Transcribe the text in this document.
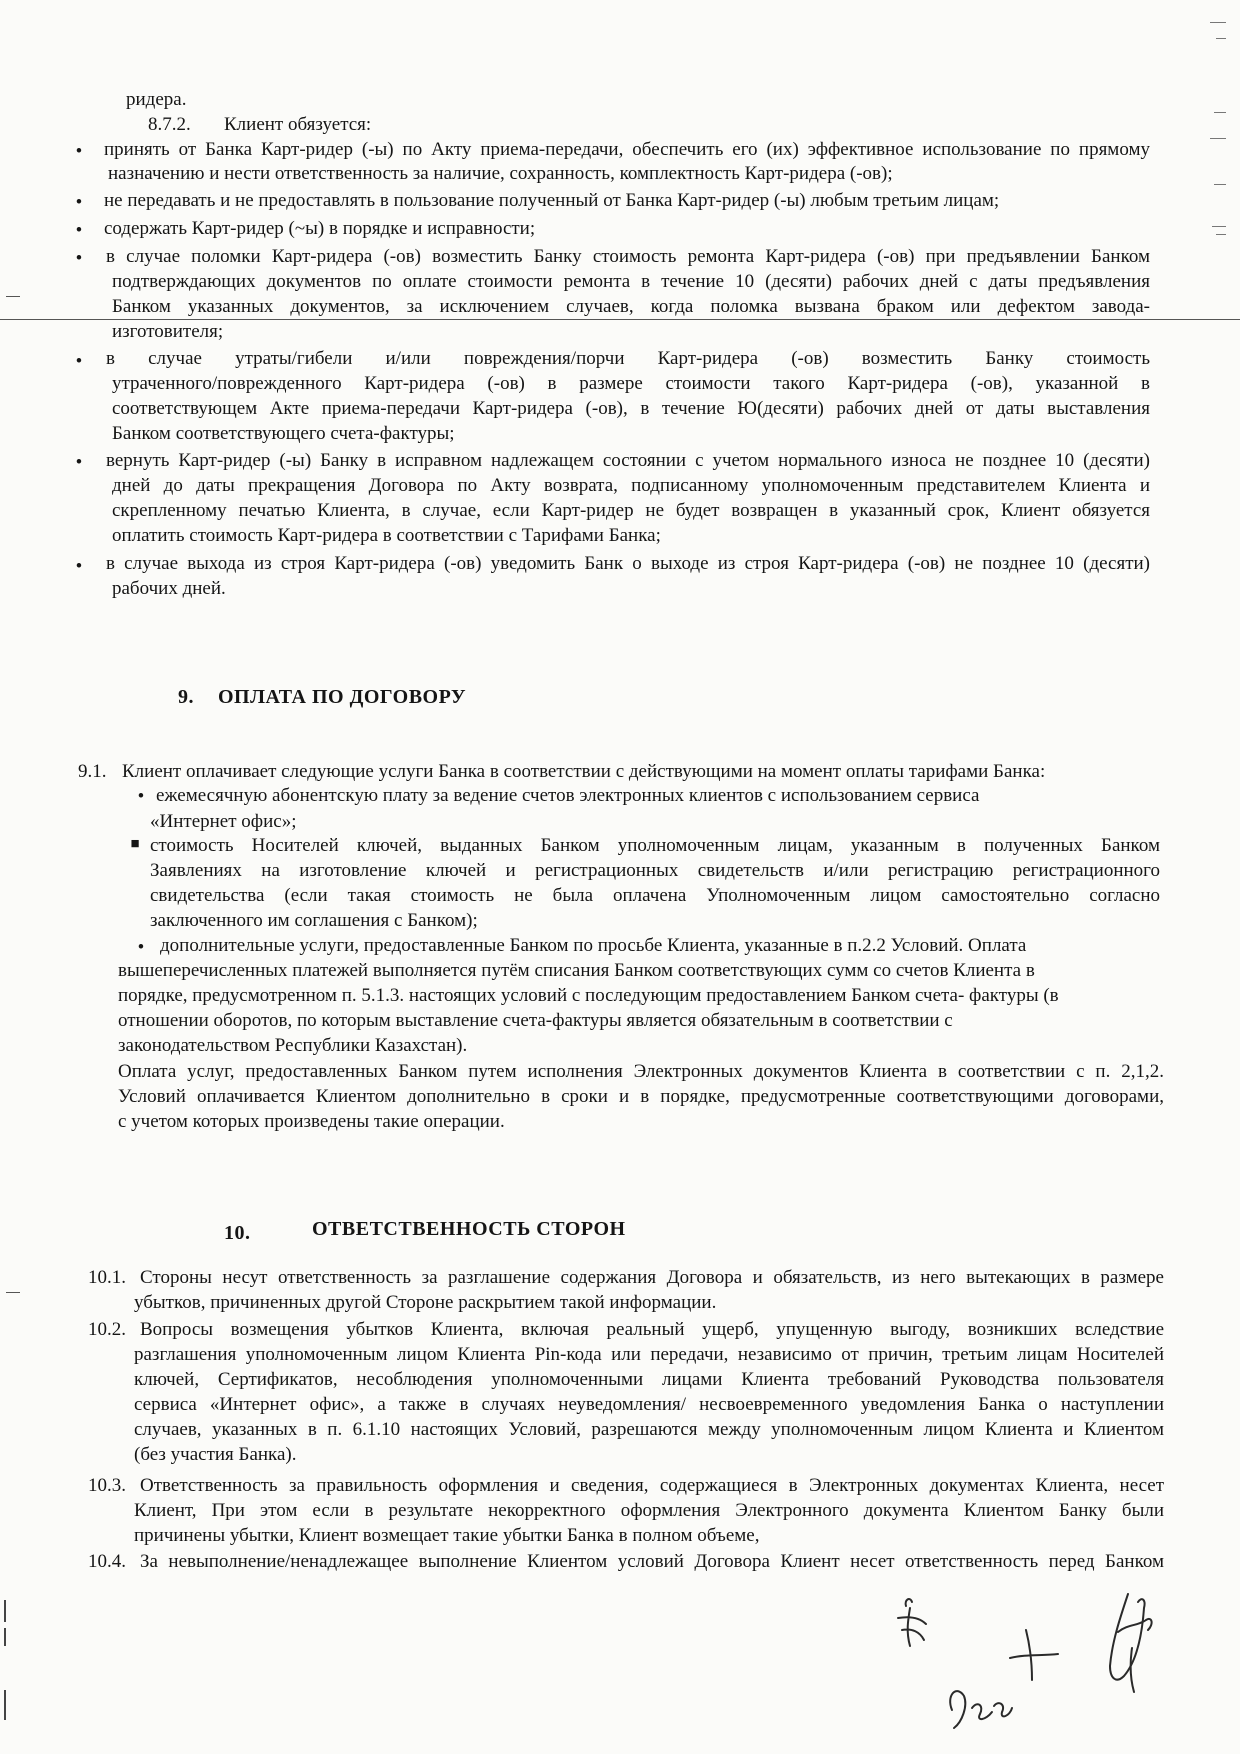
ридера.
8.7.2. Клиент обязуется:
• принять от Банка Карт-ридер (-ы) по Акту приема-передачи, обеспечить его (их) эффективное использование по прямому
назначению и нести ответственность за наличие, сохранность, комплектность Карт-ридера (-ов);
• не передавать и не предоставлять в пользование полученный от Банка Карт-ридер (-ы) любым третьим лицам;
• содержать Карт-ридер (~ы) в порядке и исправности;
• в случае поломки Карт-ридера (-ов) возместить Банку стоимость ремонта Карт-ридера (-ов) при предъявлении Банком
подтверждающих документов по оплате стоимости ремонта в течение 10 (десяти) рабочих дней с даты предъявления
Банком указанных документов, за исключением случаев, когда поломка вызвана браком или дефектом завода-
изготовителя;
• в случае утраты/гибели и/или повреждения/порчи Карт-ридера (-ов) возместить Банку стоимость
утраченного/поврежденного Карт-ридера (-ов) в размере стоимости такого Карт-ридера (-ов), указанной в
соответствующем Акте приема-передачи Карт-ридера (-ов), в течение Ю(десяти) рабочих дней от даты выставления
Банком соответствующего счета-фактуры;
• вернуть Карт-ридер (-ы) Банку в исправном надлежащем состоянии с учетом нормального износа не позднее 10 (десяти)
дней до даты прекращения Договора по Акту возврата, подписанному уполномоченным представителем Клиента и
скрепленному печатью Клиента, в случае, если Карт-ридер не будет возвращен в указанный срок, Клиент обязуется
оплатить стоимость Карт-ридера в соответствии с Тарифами Банка;
• в случае выхода из строя Карт-ридера (-ов) уведомить Банк о выходе из строя Карт-ридера (-ов) не позднее 10 (десяти)
рабочих дней.
9. ОПЛАТА ПО ДОГОВОРУ
9.1. Клиент оплачивает следующие услуги Банка в соответствии с действующими на момент оплаты тарифами Банка:
• ежемесячную абонентскую плату за ведение счетов электронных клиентов с использованием сервиса
«Интернет офис»;
■ стоимость Носителей ключей, выданных Банком уполномоченным лицам, указанным в полученных Банком
Заявлениях на изготовление ключей и регистрационных свидетельств и/или регистрацию регистрационного
свидетельства (если такая стоимость не была оплачена Уполномоченным лицом самостоятельно согласно
заключенного им соглашения с Банком);
• дополнительные услуги, предоставленные Банком по просьбе Клиента, указанные в п.2.2 Условий. Оплата
вышеперечисленных платежей выполняется путём списания Банком соответствующих сумм со счетов Клиента в
порядке, предусмотренном п. 5.1.3. настоящих условий с последующим предоставлением Банком счета- фактуры (в
отношении оборотов, по которым выставление счета-фактуры является обязательным в соответствии с
законодательством Республики Казахстан).
Оплата услуг, предоставленных Банком путем исполнения Электронных документов Клиента в соответствии с п. 2,1,2.
Условий оплачивается Клиентом дополнительно в сроки и в порядке, предусмотренные соответствующими договорами,
с учетом которых произведены такие операции.
10.	ОТВЕТСТВЕННОСТЬ СТОРОН
10.1. Стороны несут ответственность за разглашение содержания Договора и обязательств, из него вытекающих в размере
убытков, причиненных другой Стороне раскрытием такой информации.
10.2. Вопросы возмещения убытков Клиента, включая реальный ущерб, упущенную выгоду, возникших вследствие
разглашения уполномоченным лицом Клиента Pin-кода или передачи, независимо от причин, третьим лицам Носителей
ключей, Сертификатов, несоблюдения уполномоченными лицами Клиента требований Руководства пользователя
сервиса «Интернет офис», а также в случаях неуведомления/ несвоевременного уведомления Банка о наступлении
случаев, указанных в п. 6.1.10 настоящих Условий, разрешаются между уполномоченным лицом Клиента и Клиентом
(без участия Банка).
10.3. Ответственность за правильность оформления и сведения, содержащиеся в Электронных документах Клиента, несет
Клиент, При этом если в результате некорректного оформления Электронного документа Клиентом Банку были
причинены убытки, Клиент возмещает такие убытки Банка в полном объеме,
10.4. За невыполнение/ненадлежащее выполнение Клиентом условий Договора Клиент несет ответственность перед Банком
